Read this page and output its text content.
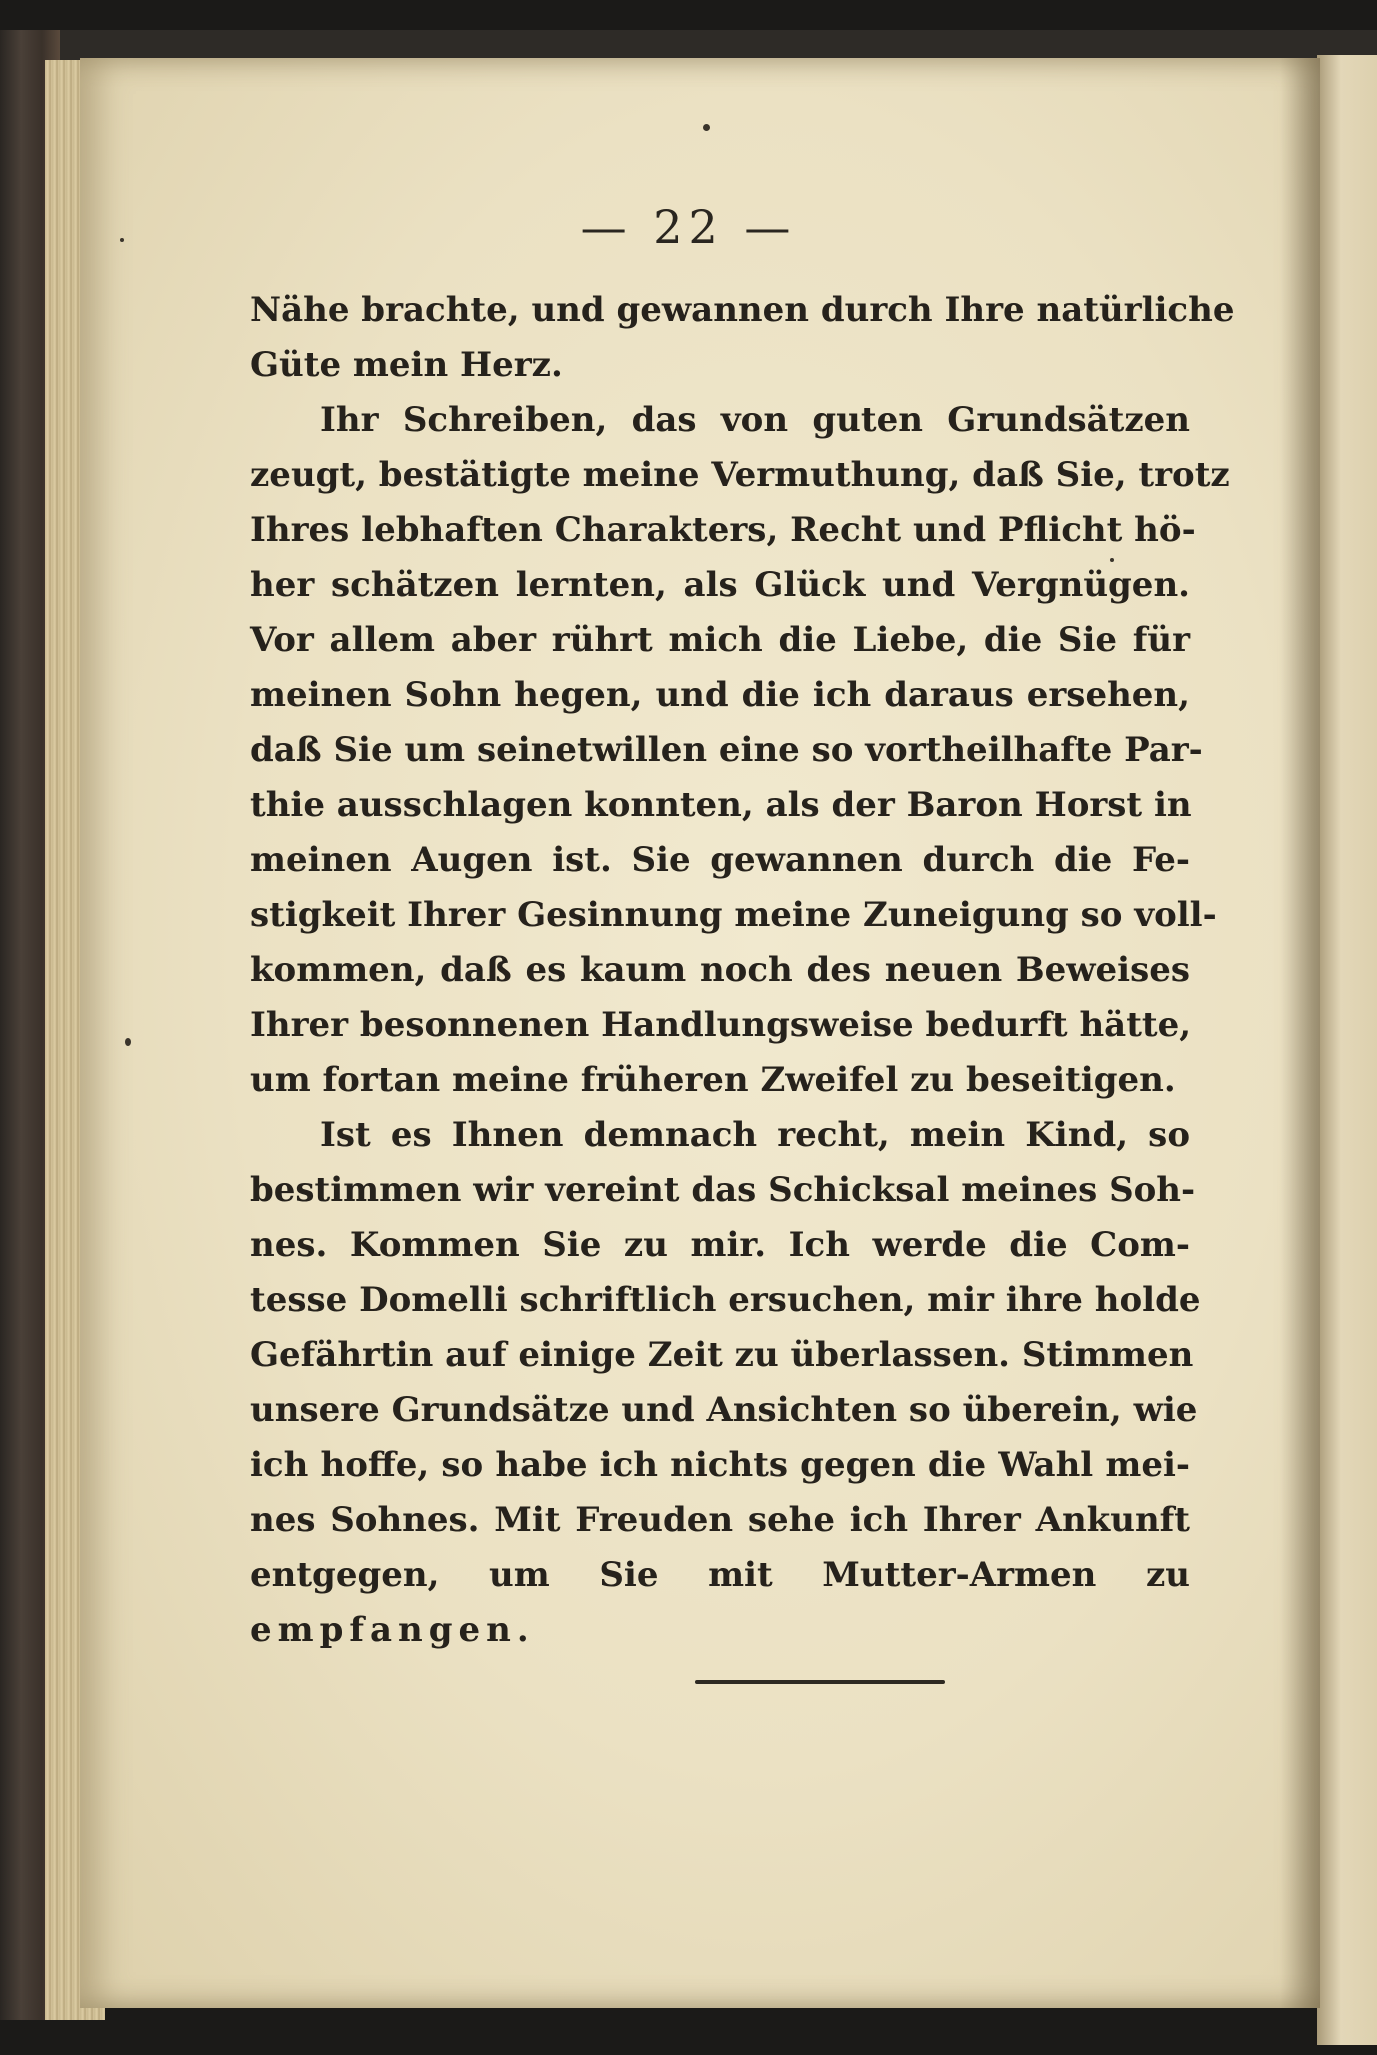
— 22 —
Nähe brachte, und gewannen durch Ihre natürliche
Güte mein Herz.
Ihr Schreiben, das von guten Grundsätzen
zeugt, bestätigte meine Vermuthung, daß Sie, trotz
Ihres lebhaften Charakters, Recht und Pflicht hö-
her schätzen lernten, als Glück und Vergnügen.
Vor allem aber rührt mich die Liebe, die Sie für
meinen Sohn hegen, und die ich daraus ersehen,
daß Sie um seinetwillen eine so vortheilhafte Par-
thie ausschlagen konnten, als der Baron Horst in
meinen Augen ist. Sie gewannen durch die Fe-
stigkeit Ihrer Gesinnung meine Zuneigung so voll-
kommen, daß es kaum noch des neuen Beweises
Ihrer besonnenen Handlungsweise bedurft hätte,
um fortan meine früheren Zweifel zu beseitigen.
Ist es Ihnen demnach recht, mein Kind, so
bestimmen wir vereint das Schicksal meines Soh-
nes. Kommen Sie zu mir. Ich werde die Com-
tesse Domelli schriftlich ersuchen, mir ihre holde
Gefährtin auf einige Zeit zu überlassen. Stimmen
unsere Grundsätze und Ansichten so überein, wie
ich hoffe, so habe ich nichts gegen die Wahl mei-
nes Sohnes. Mit Freuden sehe ich Ihrer Ankunft
entgegen, um Sie mit Mutter-Armen zu
empfangen.
